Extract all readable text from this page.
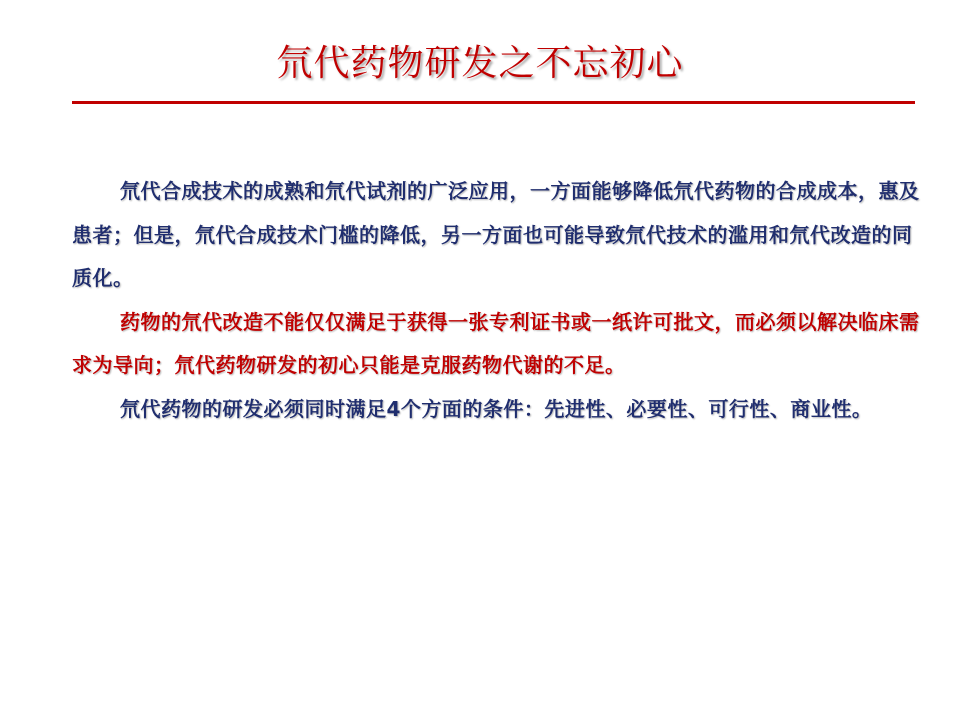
氘代药物研发之不忘初心

氘代合成技术的成熟和氘代试剂的广泛应用，一方面能够降低氘代药物的合成成本，惠及患者；但是，氘代合成技术门槛的降低，另一方面也可能导致氘代技术的滥用和氘代改造的同质化。

药物的氘代改造不能仅仅满足于获得一张专利证书或一纸许可批文，而必须以解决临床需求为导向；氘代药物研发的初心只能是克服药物代谢的不足。

氘代药物的研发必须同时满足4个方面的条件：先进性、必要性、可行性、商业性。
